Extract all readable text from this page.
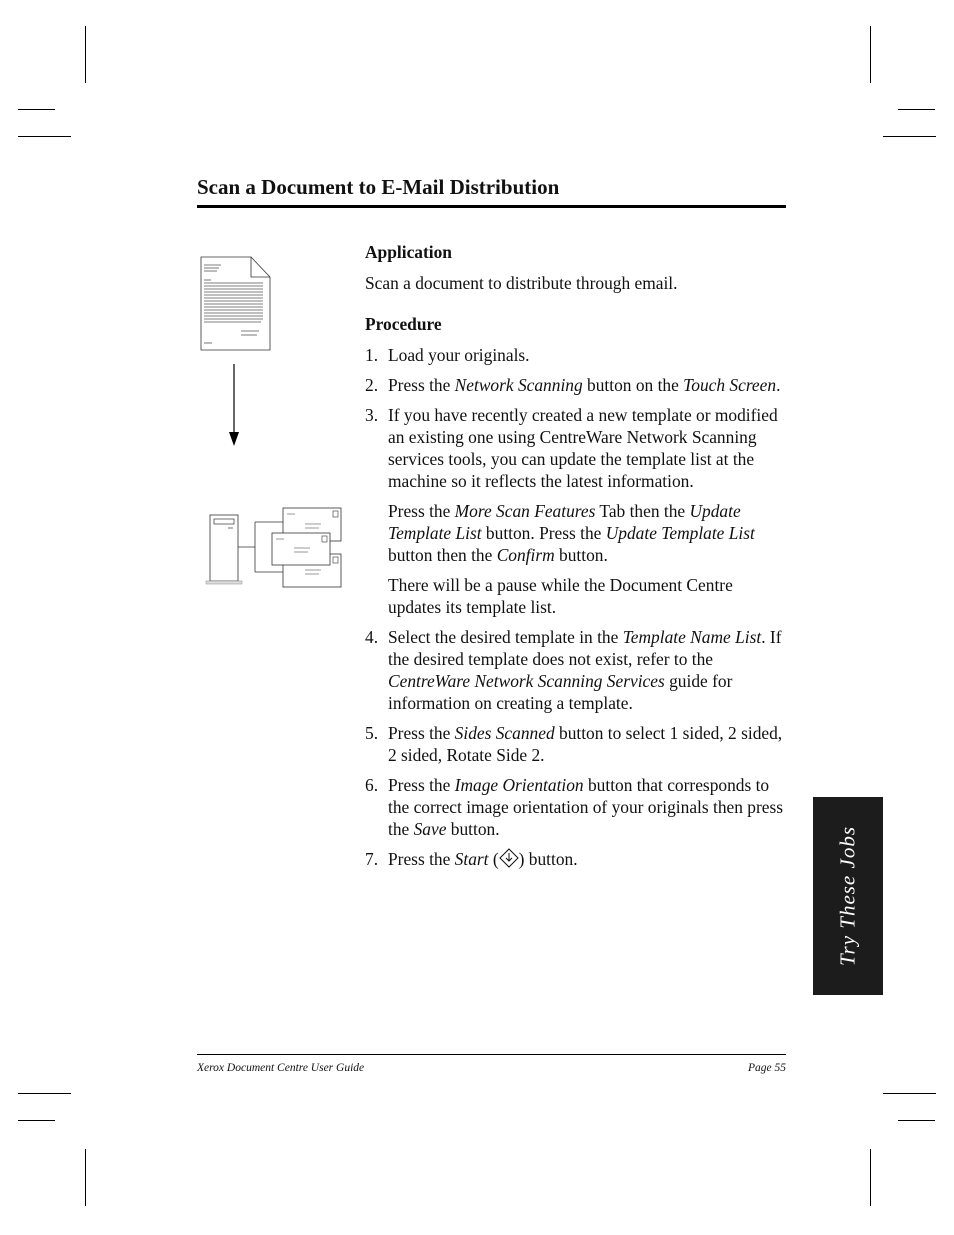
Scan a Document to E-Mail Distribution
Application

Scan a document to distribute through email.

Procedure
1. Load your originals.

2. Press the Network Scanning button on the Touch Screen.

3. If you have recently created a new template or modified an existing one using CentreWare Network Scanning services tools, you can update the template list at the machine so it reflects the latest information.

Press the More Scan Features Tab then the Update Template List button. Press the Update Template List button then the Confirm button.

There will be a pause while the Document Centre updates its template list.

4. Select the desired template in the Template Name List. If the desired template does not exist, refer to the CentreWare Network Scanning Services guide for information on creating a template.

5. Press the Sides Scanned button to select 1 sided, 2 sided, 2 sided, Rotate Side 2.

6. Press the Image Orientation button that corresponds to the correct image orientation of your originals then press the Save button.

7. Press the Start ( ) button.	Try These Jobs
Xerox Document Centre User Guide	Page 55
